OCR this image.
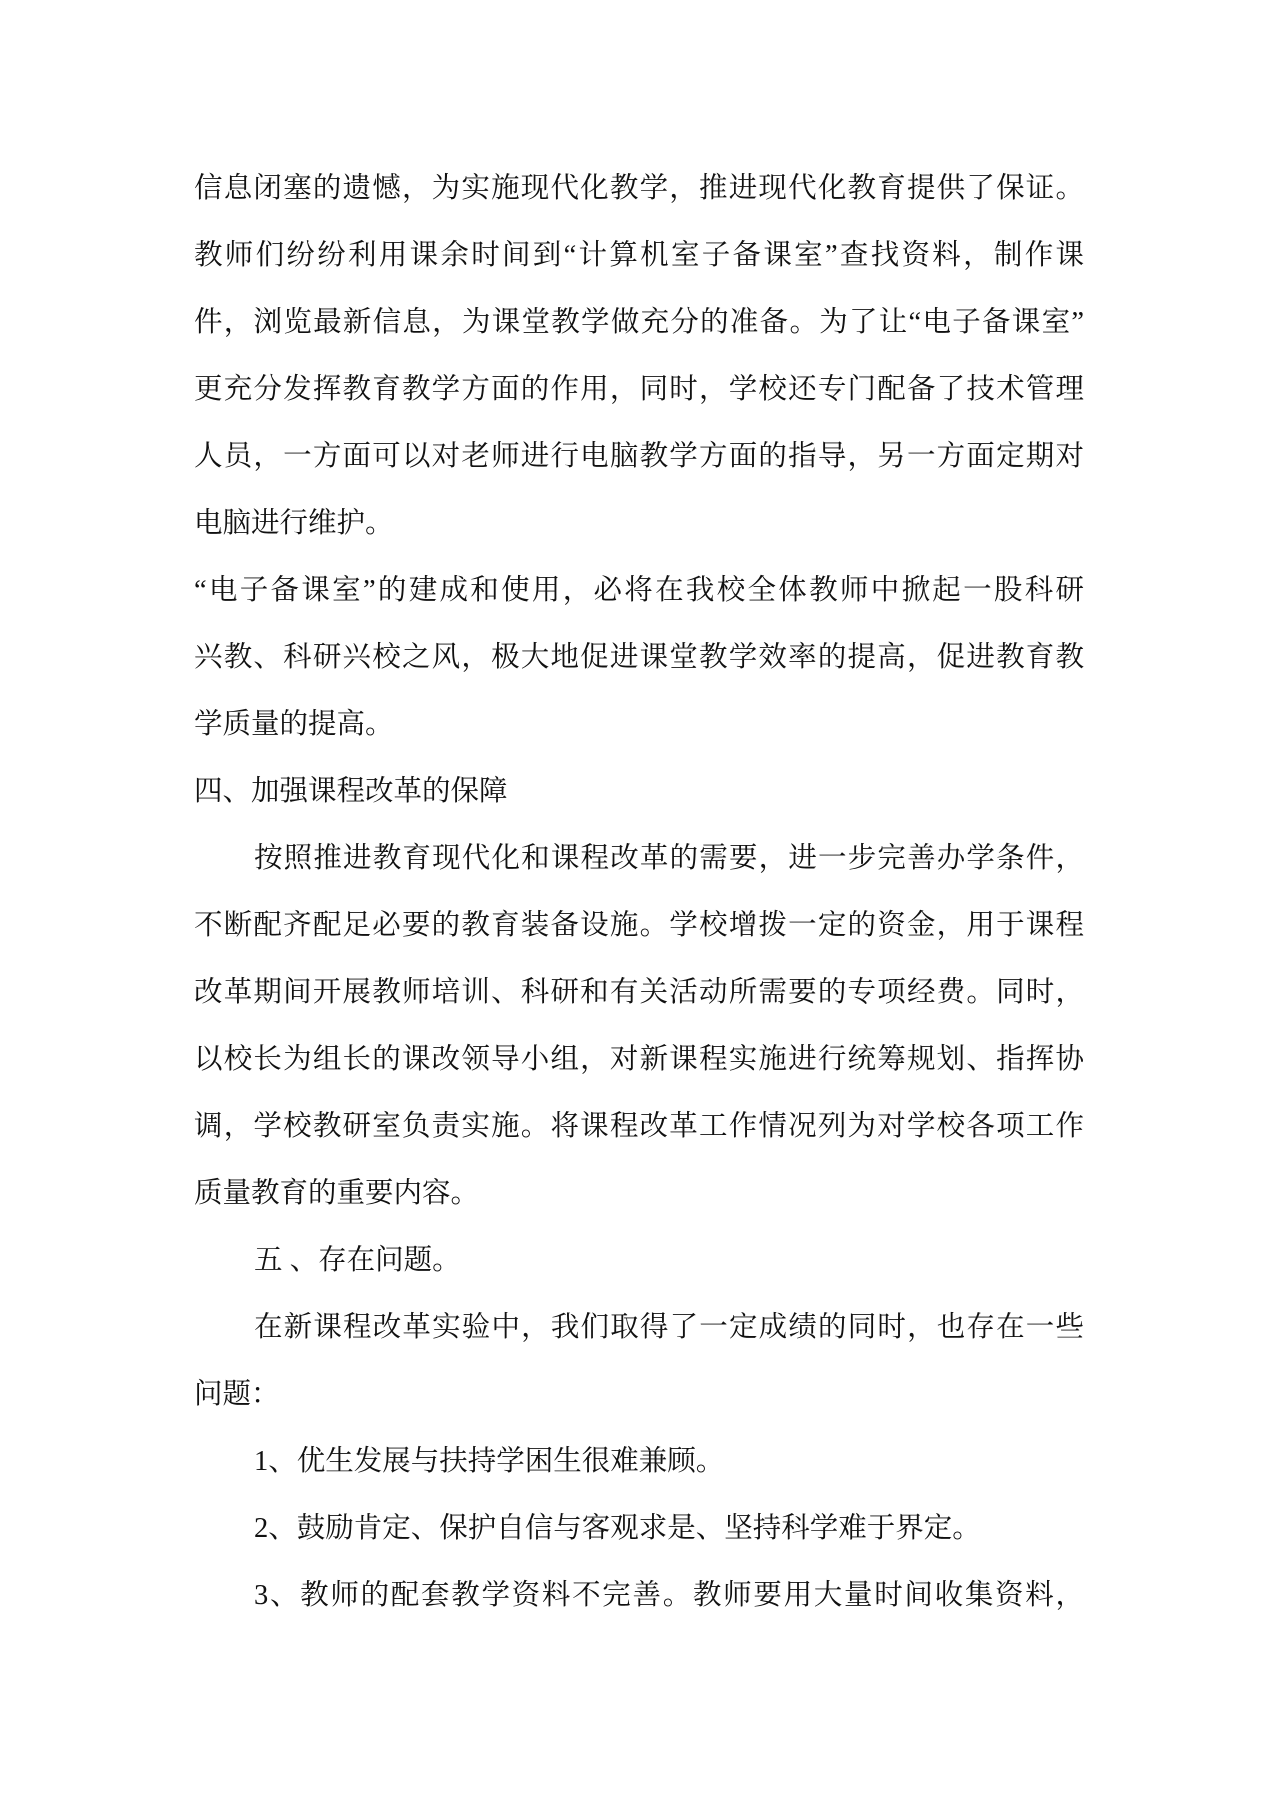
信息闭塞的遗憾，为实施现代化教学，推进现代化教育提供了保证。
教师们纷纷利用课余时间到“计算机室子备课室”查找资料，制作课
件，浏览最新信息，为课堂教学做充分的准备。为了让“电子备课室”
更充分发挥教育教学方面的作用，同时，学校还专门配备了技术管理
人员，一方面可以对老师进行电脑教学方面的指导，另一方面定期对
电脑进行维护。
“电子备课室”的建成和使用，必将在我校全体教师中掀起一股科研
兴教、科研兴校之风，极大地促进课堂教学效率的提高，促进教育教
学质量的提高。
四、加强课程改革的保障
按照推进教育现代化和课程改革的需要，进一步完善办学条件，
不断配齐配足必要的教育装备设施。学校增拨一定的资金，用于课程
改革期间开展教师培训、科研和有关活动所需要的专项经费。同时，
以校长为组长的课改领导小组，对新课程实施进行统筹规划、指挥协
调，学校教研室负责实施。将课程改革工作情况列为对学校各项工作
质量教育的重要内容。
五 、存在问题。
在新课程改革实验中，我们取得了一定成绩的同时，也存在一些
问题：
1、优生发展与扶持学困生很难兼顾。
2、鼓励肯定、保护自信与客观求是、坚持科学难于界定。
3、教师的配套教学资料不完善。教师要用大量时间收集资料，
